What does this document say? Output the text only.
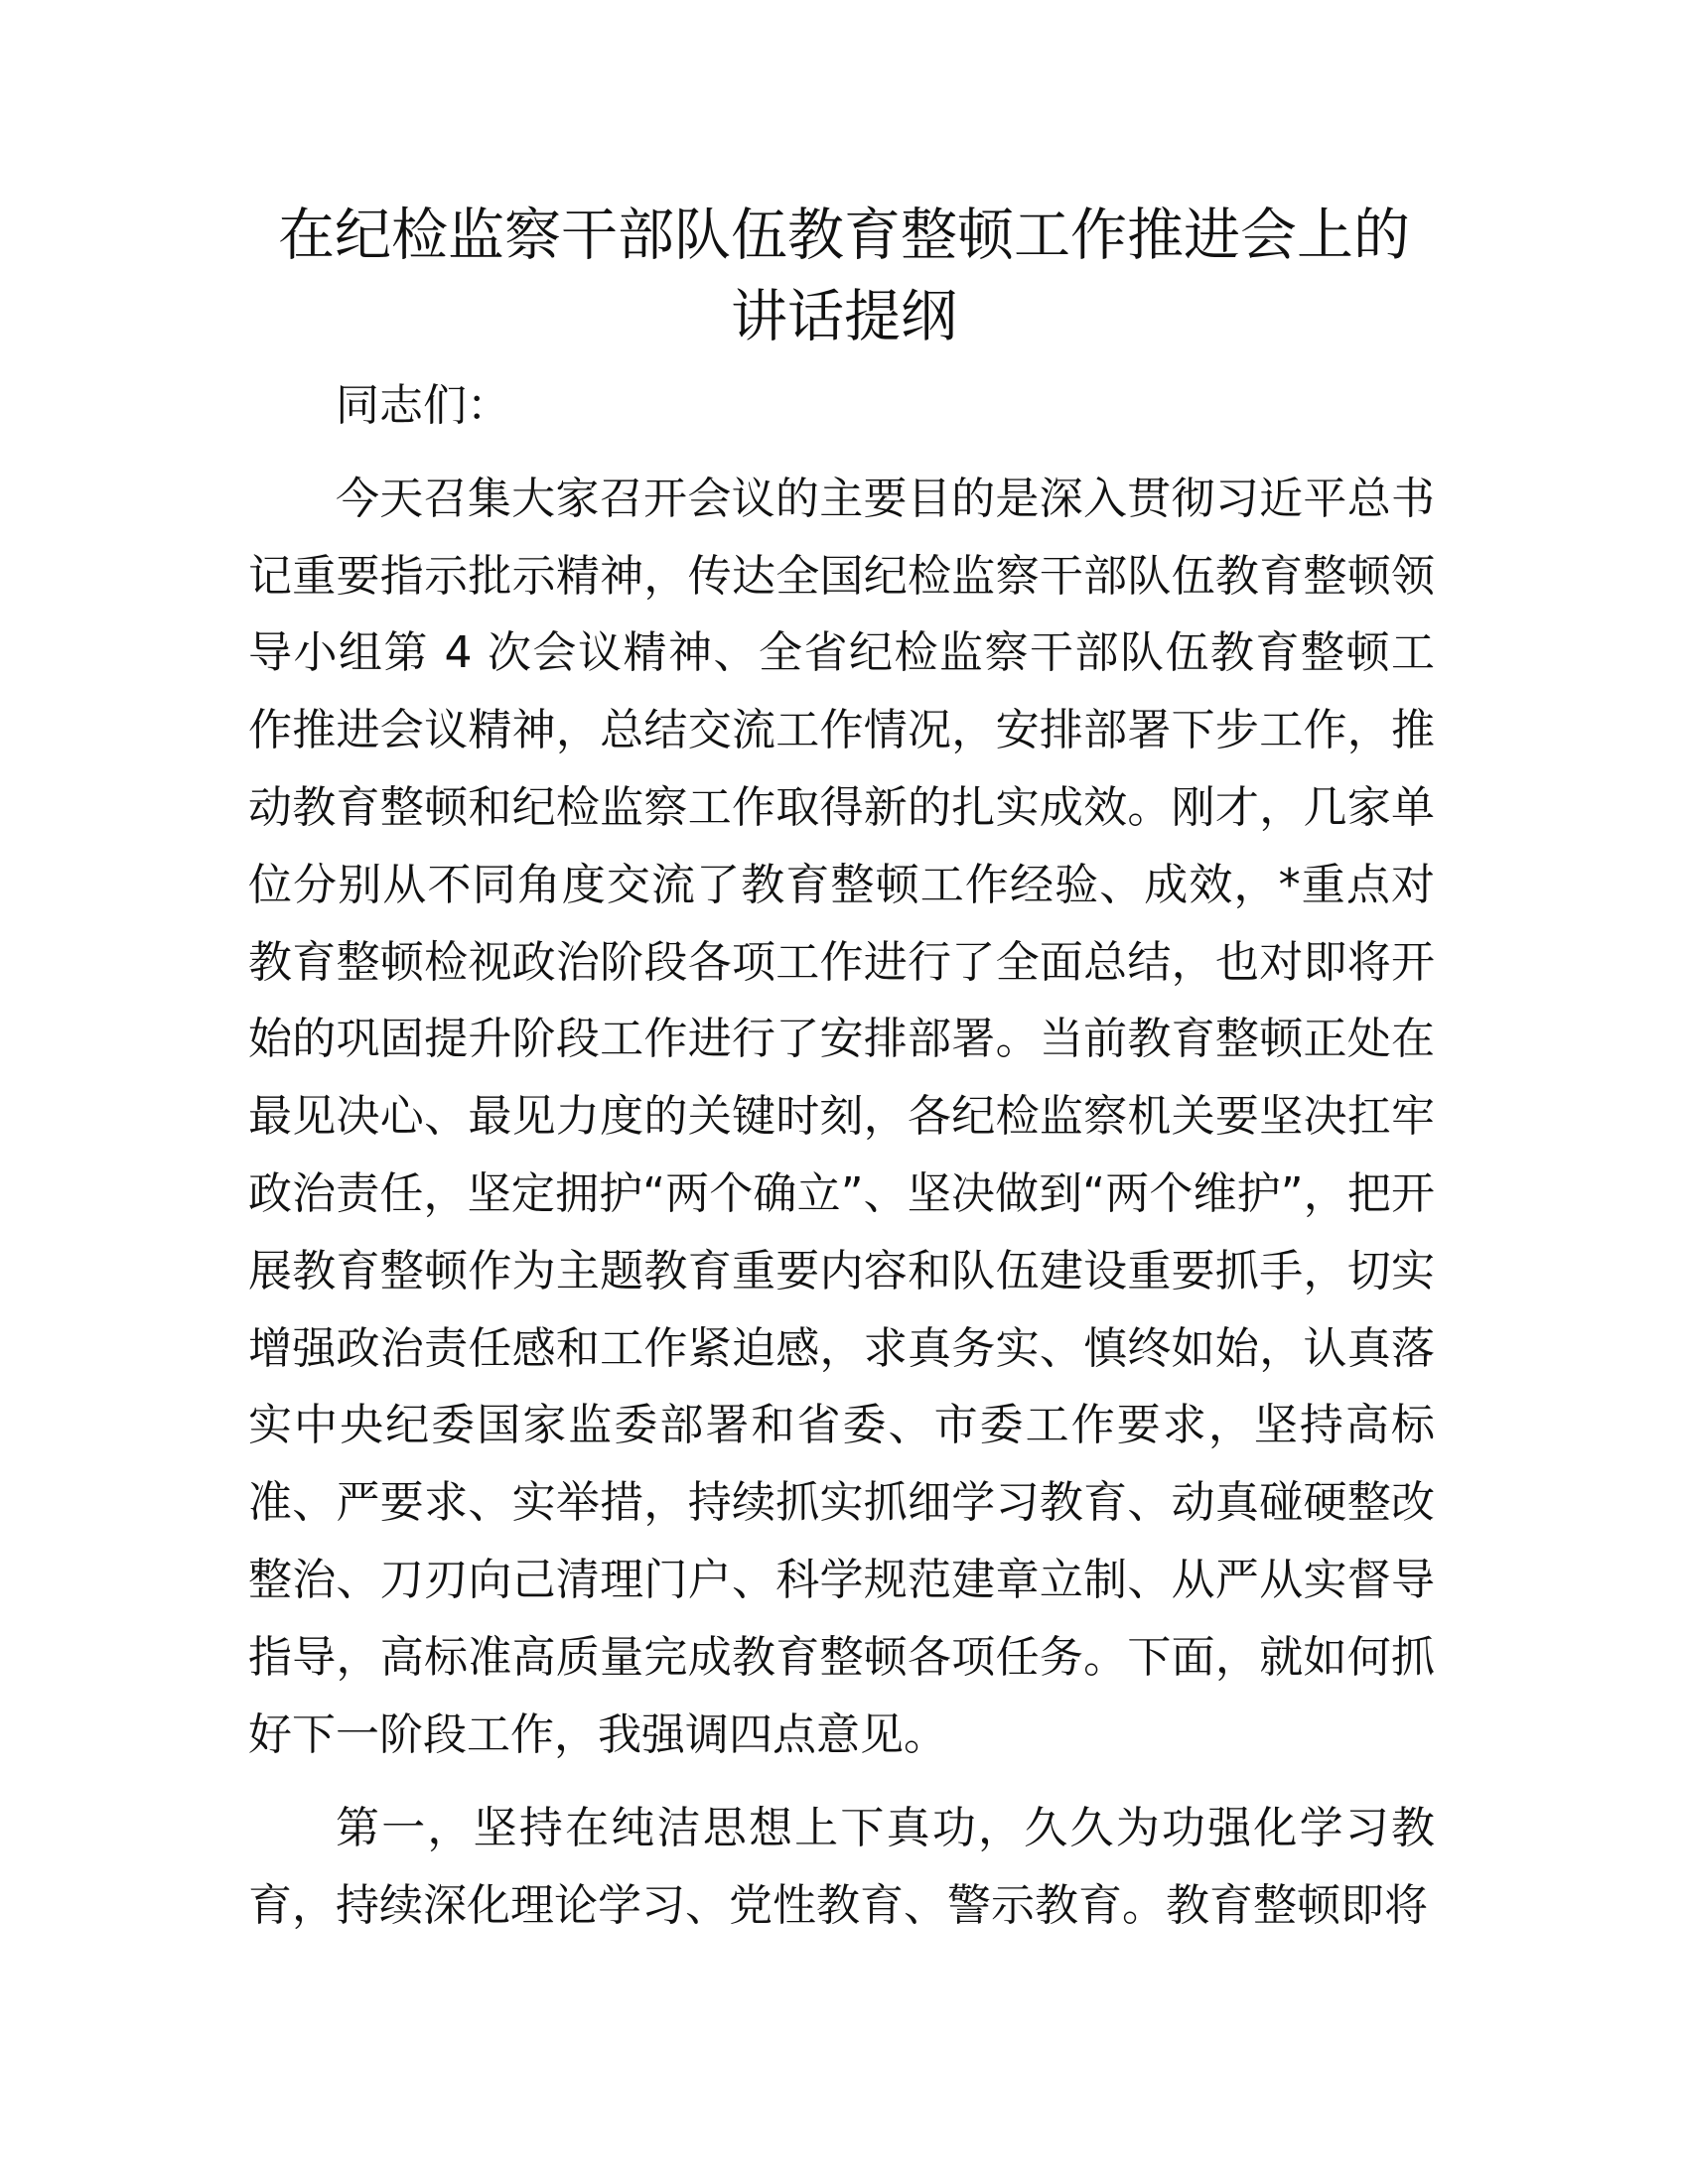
在纪检监察干部队伍教育整顿工作推进会上的
讲话提纲

同志们：

今天召集大家召开会议的主要目的是深入贯彻习近平总书记重要指示批示精神，传达全国纪检监察干部队伍教育整顿领导小组第 4 次会议精神、全省纪检监察干部队伍教育整顿工作推进会议精神，总结交流工作情况，安排部署下步工作，推动教育整顿和纪检监察工作取得新的扎实成效。刚才，几家单位分别从不同角度交流了教育整顿工作经验、成效，*重点对教育整顿检视政治阶段各项工作进行了全面总结，也对即将开始的巩固提升阶段工作进行了安排部署。当前教育整顿正处在最见决心、最见力度的关键时刻，各纪检监察机关要坚决扛牢政治责任，坚定拥护“两个确立”、坚决做到“两个维护”，把开展教育整顿作为主题教育重要内容和队伍建设重要抓手，切实增强政治责任感和工作紧迫感，求真务实、慎终如始，认真落实中央纪委国家监委部署和省委、市委工作要求，坚持高标准、严要求、实举措，持续抓实抓细学习教育、动真碰硬整改整治、刀刃向己清理门户、科学规范建章立制、从严从实督导指导，高标准高质量完成教育整顿各项任务。下面，就如何抓好下一阶段工作，我强调四点意见。

第一，坚持在纯洁思想上下真功，久久为功强化学习教育，持续深化理论学习、党性教育、警示教育。教育整顿即将
